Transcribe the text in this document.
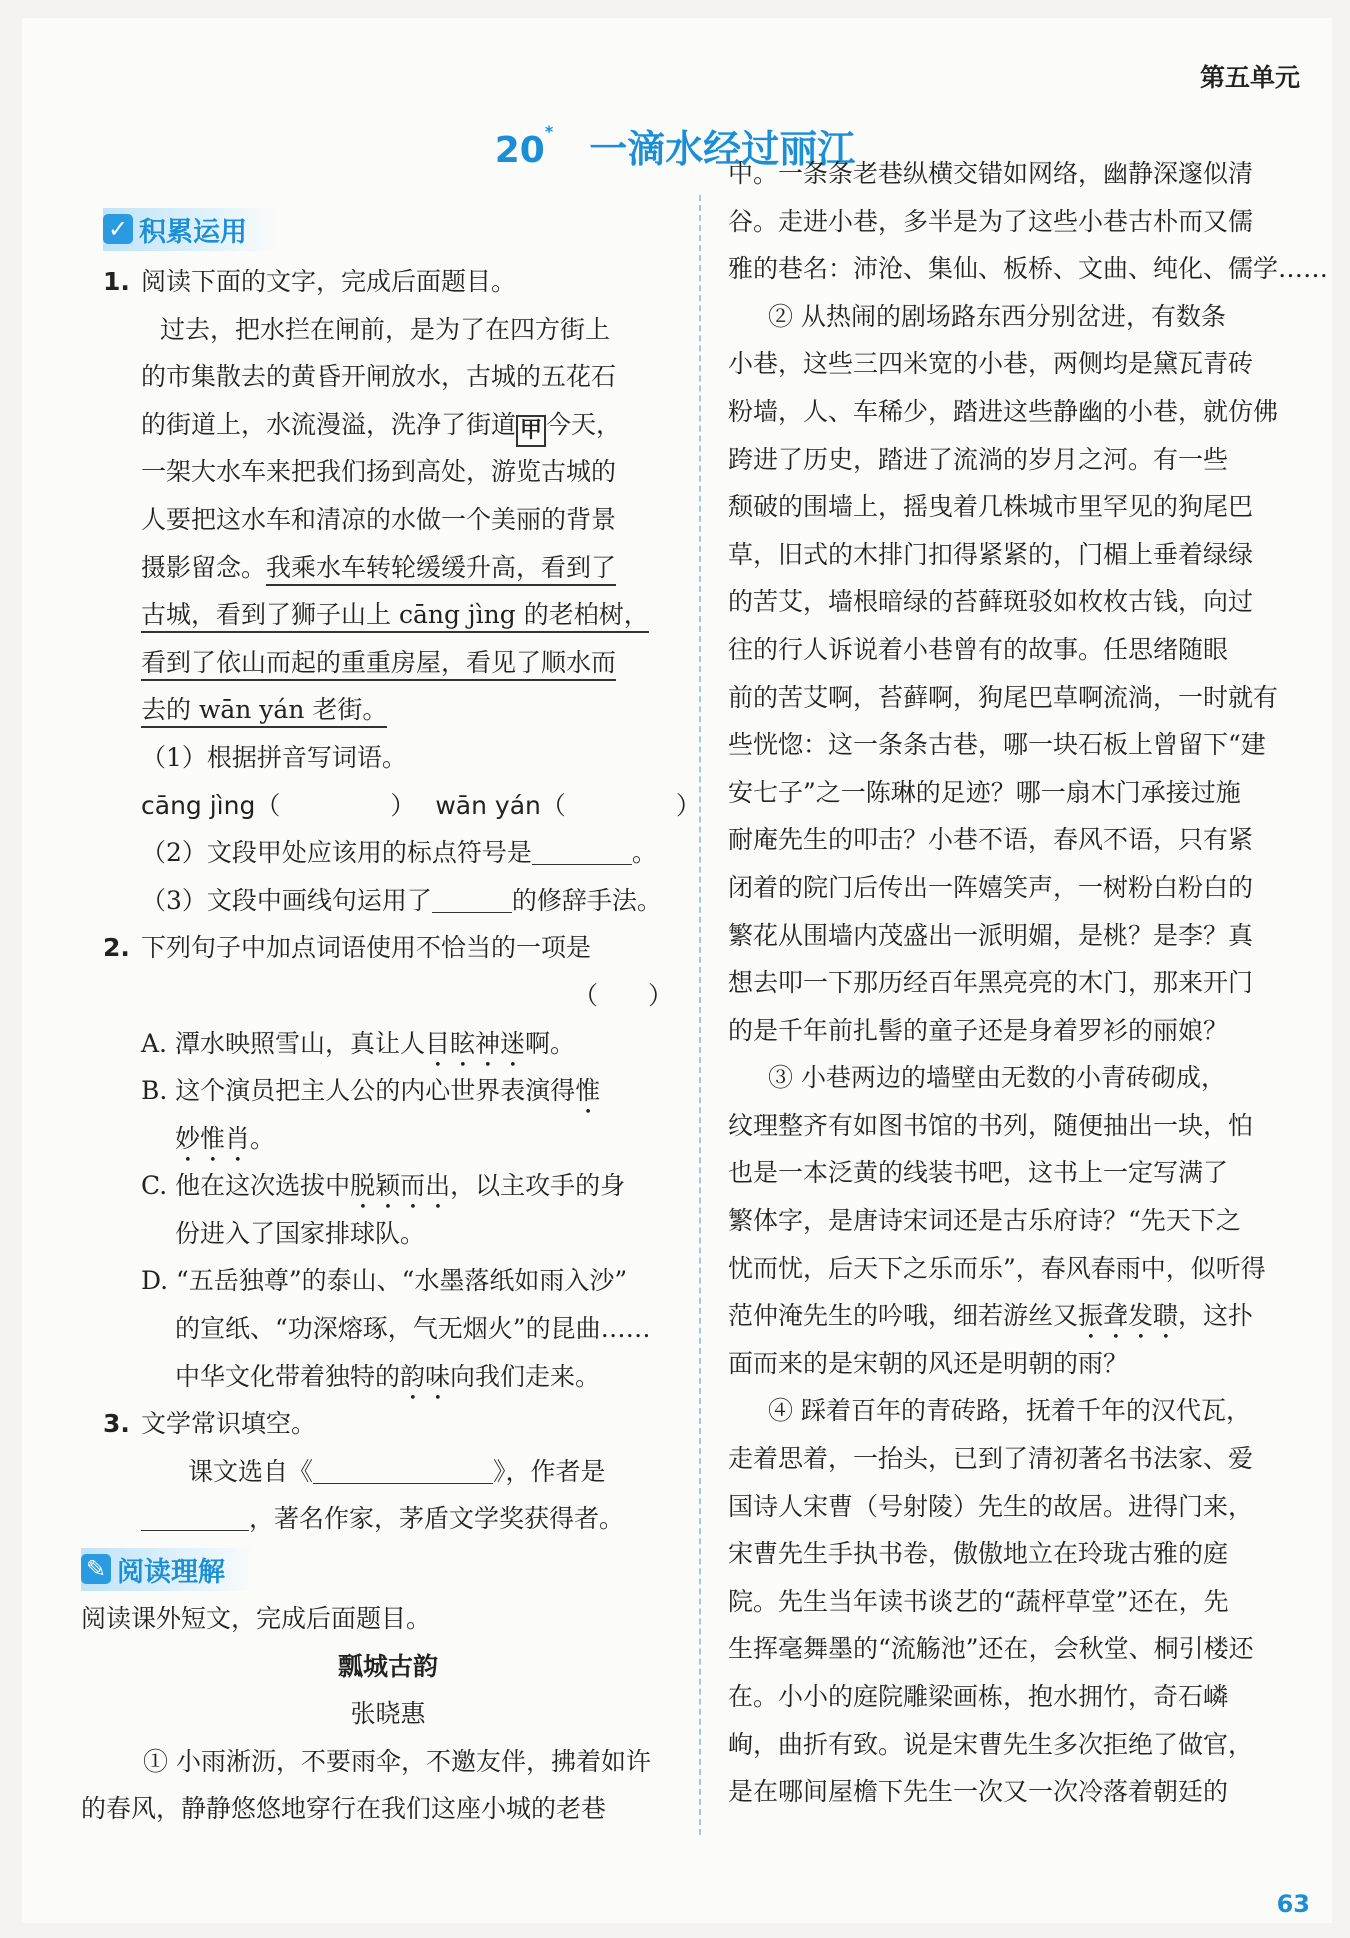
第五单元
20* 一滴水经过丽江
✓ 积累运用
1. 阅读下面的文字，完成后面题目。
过去，把水拦在闸前，是为了在四方街上
的市集散去的黄昏开闸放水，古城的五花石
的街道上，水流漫溢，洗净了街道 甲 今天，
一架大水车来把我们扬到高处，游览古城的
人要把这水车和清凉的水做一个美丽的背景
摄影留念。我乘水车转轮缓缓升高，看到了
古城，看到了狮子山上 cāng jìng 的老柏树，
看到了依山而起的重重房屋，看见了顺水而
去的 wān yán 老街。
（1）根据拼音写词语。
cāng jìng（	） wān yán（	）
（2）文段甲处应该用的标点符号是	。
（3）文段中画线句运用了	的修辞手法。
2. 下列句子中加点词语使用不恰当的一项是
（　　）
A. 潭水映照雪山，真让人目眩神迷啊。
B. 这个演员把主人公的内心世界表演得惟
妙惟肖。
C. 他在这次选拔中脱颖而出，以主攻手的身
份进入了国家排球队。
D. “五岳独尊”的泰山、“水墨落纸如雨入沙”
的宣纸、“功深熔琢，气无烟火”的昆曲……
中华文化带着独特的韵味向我们走来。
3. 文学常识填空。
课文选自《	》，作者是
，著名作家，茅盾文学奖获得者。
✎ 阅读理解
阅读课外短文，完成后面题目。
瓢城古韵
张晓惠
① 小雨淅沥，不要雨伞，不邀友伴，拂着如许
的春风，静静悠悠地穿行在我们这座小城的老巷
中。一条条老巷纵横交错如网络，幽静深邃似清
谷。走进小巷，多半是为了这些小巷古朴而又儒
雅的巷名：沛沧、集仙、板桥、文曲、纯化、儒学……
② 从热闹的剧场路东西分别岔进，有数条
小巷，这些三四米宽的小巷，两侧均是黛瓦青砖
粉墙，人、车稀少，踏进这些静幽的小巷，就仿佛
跨进了历史，踏进了流淌的岁月之河。有一些
颓破的围墙上，摇曳着几株城市里罕见的狗尾巴
草，旧式的木排门扣得紧紧的，门楣上垂着绿绿
的苦艾，墙根暗绿的苔藓斑驳如枚枚古钱，向过
往的行人诉说着小巷曾有的故事。任思绪随眼
前的苦艾啊，苔藓啊，狗尾巴草啊流淌，一时就有
些恍惚：这一条条古巷，哪一块石板上曾留下“建
安七子”之一陈琳的足迹？哪一扇木门承接过施
耐庵先生的叩击？小巷不语，春风不语，只有紧
闭着的院门后传出一阵嬉笑声，一树粉白粉白的
繁花从围墙内茂盛出一派明媚，是桃？是李？真
想去叩一下那历经百年黑亮亮的木门，那来开门
的是千年前扎髻的童子还是身着罗衫的丽娘？
③ 小巷两边的墙壁由无数的小青砖砌成，
纹理整齐有如图书馆的书列，随便抽出一块，怕
也是一本泛黄的线装书吧，这书上一定写满了
繁体字，是唐诗宋词还是古乐府诗？“先天下之
忧而忧，后天下之乐而乐”，春风春雨中，似听得
范仲淹先生的吟哦，细若游丝又振聋发聩，这扑
面而来的是宋朝的风还是明朝的雨？
④ 踩着百年的青砖路，抚着千年的汉代瓦，
走着思着，一抬头，已到了清初著名书法家、爱
国诗人宋曹（号射陵）先生的故居。进得门来，
宋曹先生手执书卷，傲傲地立在玲珑古雅的庭
院。先生当年读书谈艺的“蔬枰草堂”还在，先
生挥毫舞墨的“流觞池”还在，会秋堂、桐引楼还
在。小小的庭院雕梁画栋，抱水拥竹，奇石嶙
峋，曲折有致。说是宋曹先生多次拒绝了做官，
是在哪间屋檐下先生一次又一次冷落着朝廷的
63
